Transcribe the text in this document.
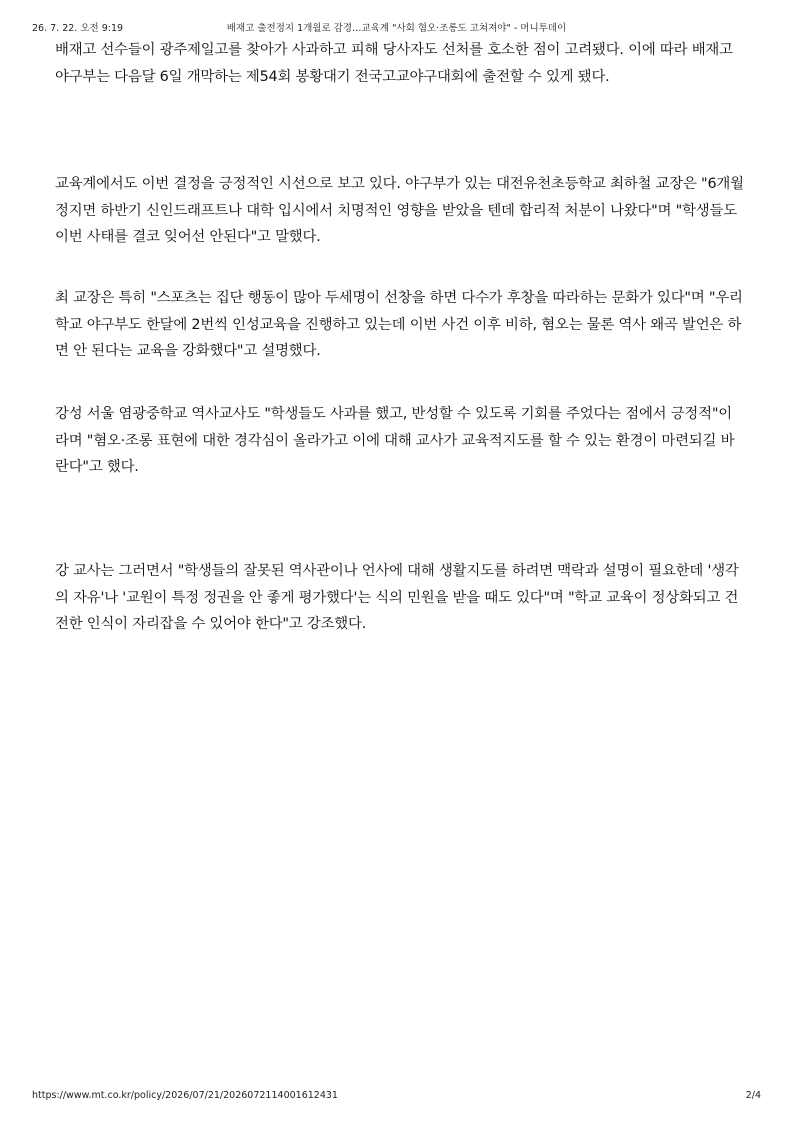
26. 7. 22. 오전 9:19	배재고 출전정지 1개월로 감경…교육계 "사회 혐오·조롱도 고쳐져야" - 머니투데이

배재고 선수들이 광주제일고를 찾아가 사과하고 피해 당사자도 선처를 호소한 점이 고려됐다. 이에 따라 배재고 야구부는 다음달 6일 개막하는 제54회 봉황대기 전국고교야구대회에 출전할 수 있게 됐다.

교육계에서도 이번 결정을 긍정적인 시선으로 보고 있다. 야구부가 있는 대전유천초등학교 최하철 교장은 "6개월 정지면 하반기 신인드래프트나 대학 입시에서 치명적인 영향을 받았을 텐데 합리적 처분이 나왔다"며 "학생들도 이번 사태를 결코 잊어선 안된다"고 말했다.

최 교장은 특히 "스포츠는 집단 행동이 많아 두세명이 선창을 하면 다수가 후창을 따라하는 문화가 있다"며 "우리 학교 야구부도 한달에 2번씩 인성교육을 진행하고 있는데 이번 사건 이후 비하, 혐오는 물론 역사 왜곡 발언은 하면 안 된다는 교육을 강화했다"고 설명했다.

강성 서울 염광중학교 역사교사도 "학생들도 사과를 했고, 반성할 수 있도록 기회를 주었다는 점에서 긍정적"이라며 "혐오·조롱 표현에 대한 경각심이 올라가고 이에 대해 교사가 교육적지도를 할 수 있는 환경이 마련되길 바란다"고 했다.

강 교사는 그러면서 "학생들의 잘못된 역사관이나 언사에 대해 생활지도를 하려면 맥락과 설명이 필요한데 '생각의 자유'나 '교원이 특정 정권을 안 좋게 평가했다'는 식의 민원을 받을 때도 있다"며 "학교 교육이 정상화되고 건전한 인식이 자리잡을 수 있어야 한다"고 강조했다.

https://www.mt.co.kr/policy/2026/07/21/2026072114001612431	2/4
